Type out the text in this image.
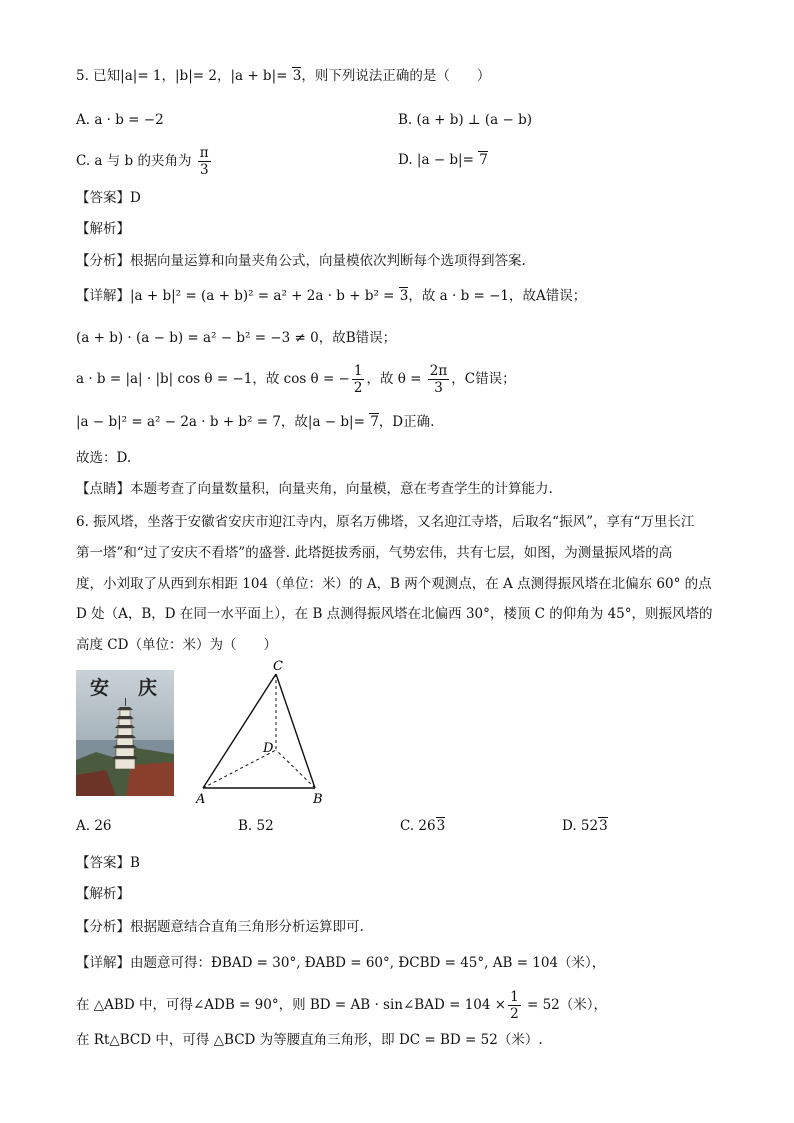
5. 已知|a|= 1，|b|= 2，|a + b|= 3，则下列说法正确的是（　　）
A. a · b = −2	B. (a + b) ⊥ (a − b)
C. a 与 b 的夹角为 $\frac{\pi}{3}$	D. |a − b|= 7
【答案】D
【解析】
【分析】根据向量运算和向量夹角公式，向量模依次判断每个选项得到答案.
【详解】|a + b|² = (a + b)² = a² + 2a · b + b² = 3，故 a · b = −1，故A错误；
(a + b) · (a − b) = a² − b² = −3 ≠ 0，故B错误；
a · b = |a| · |b| cos θ = −1，故 cos θ = − $\frac{1}{2}$ ，故 $\theta = \frac{2\pi}{3}$ ，C错误；
|a − b|² = a² − 2a · b + b² = 7，故|a − b|= 7，D正确.
故选：D.
【点睛】本题考查了向量数量积，向量夹角，向量模，意在考查学生的计算能力.
6. 振风塔，坐落于安徽省安庆市迎江寺内，原名万佛塔，又名迎江寺塔，后取名“振风”，享有“万里长江
第一塔”和“过了安庆不看塔”的盛誉. 此塔挺拔秀丽，气势宏伟，共有七层，如图，为测量振风塔的高
度，小刘取了从西到东相距 104（单位：米）的 A，B 两个观测点，在 A 点测得振风塔在北偏东 60° 的点
D 处（A，B，D 在同一水平面上），在 B 点测得振风塔在北偏西 30°，楼顶 C 的仰角为 45°，则振风塔的
高度 CD（单位：米）为（　　）
安 庆
C
D
A	B
A. 26	B. 52	C. 263	D. 523
【答案】B
【解析】
【分析】根据题意结合直角三角形分析运算即可.
【详解】由题意可得：ÐBAD = 30°, ÐABD = 60°, ÐCBD = 45°, AB = 104（米），
在 △ABD 中，可得∠ADB = 90°，则 BD = AB · sin∠BAD = $104 \times \frac{1}{2} = 52$（米），
在 Rt△BCD 中，可得 △BCD 为等腰直角三角形，即 DC = BD = 52（米）.
